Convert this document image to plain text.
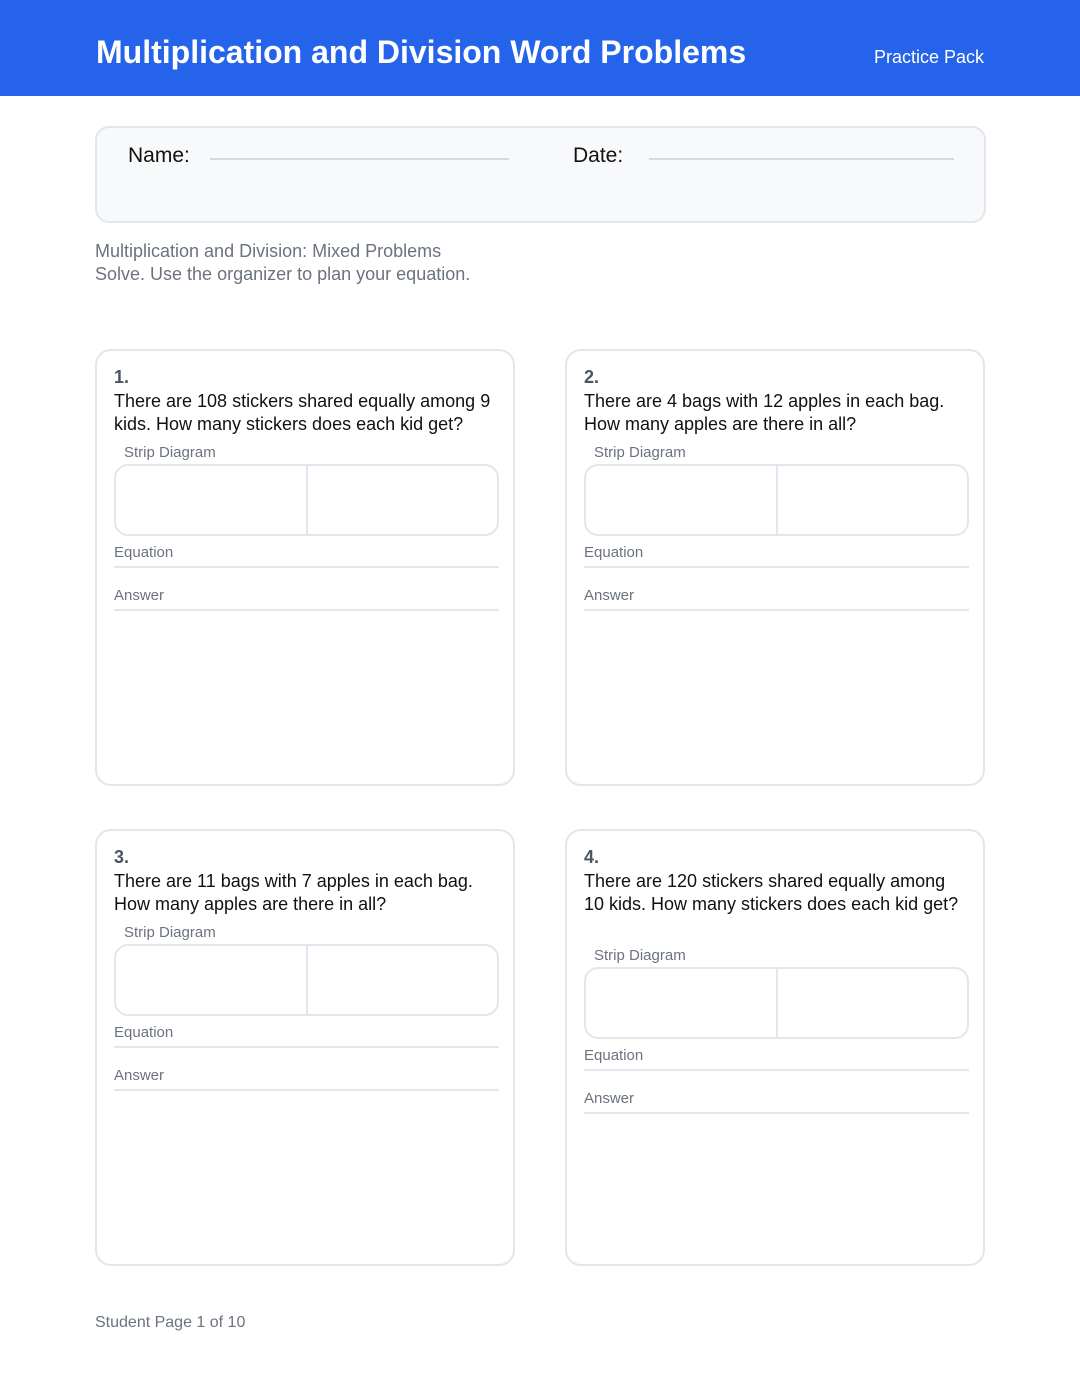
Multiplication and Division Word Problems	Practice Pack
Name:	Date:
Multiplication and Division: Mixed Problems
Solve. Use the organizer to plan your equation.
1.
There are 108 stickers shared equally among 9 kids. How many stickers does each kid get?
Strip Diagram
Equation
Answer
2.
There are 4 bags with 12 apples in each bag. How many apples are there in all?
Strip Diagram
Equation
Answer
3.
There are 11 bags with 7 apples in each bag. How many apples are there in all?
Strip Diagram
Equation
Answer
4.
There are 120 stickers shared equally among 10 kids. How many stickers does each kid get?
Strip Diagram
Equation
Answer
Student Page 1 of 10
